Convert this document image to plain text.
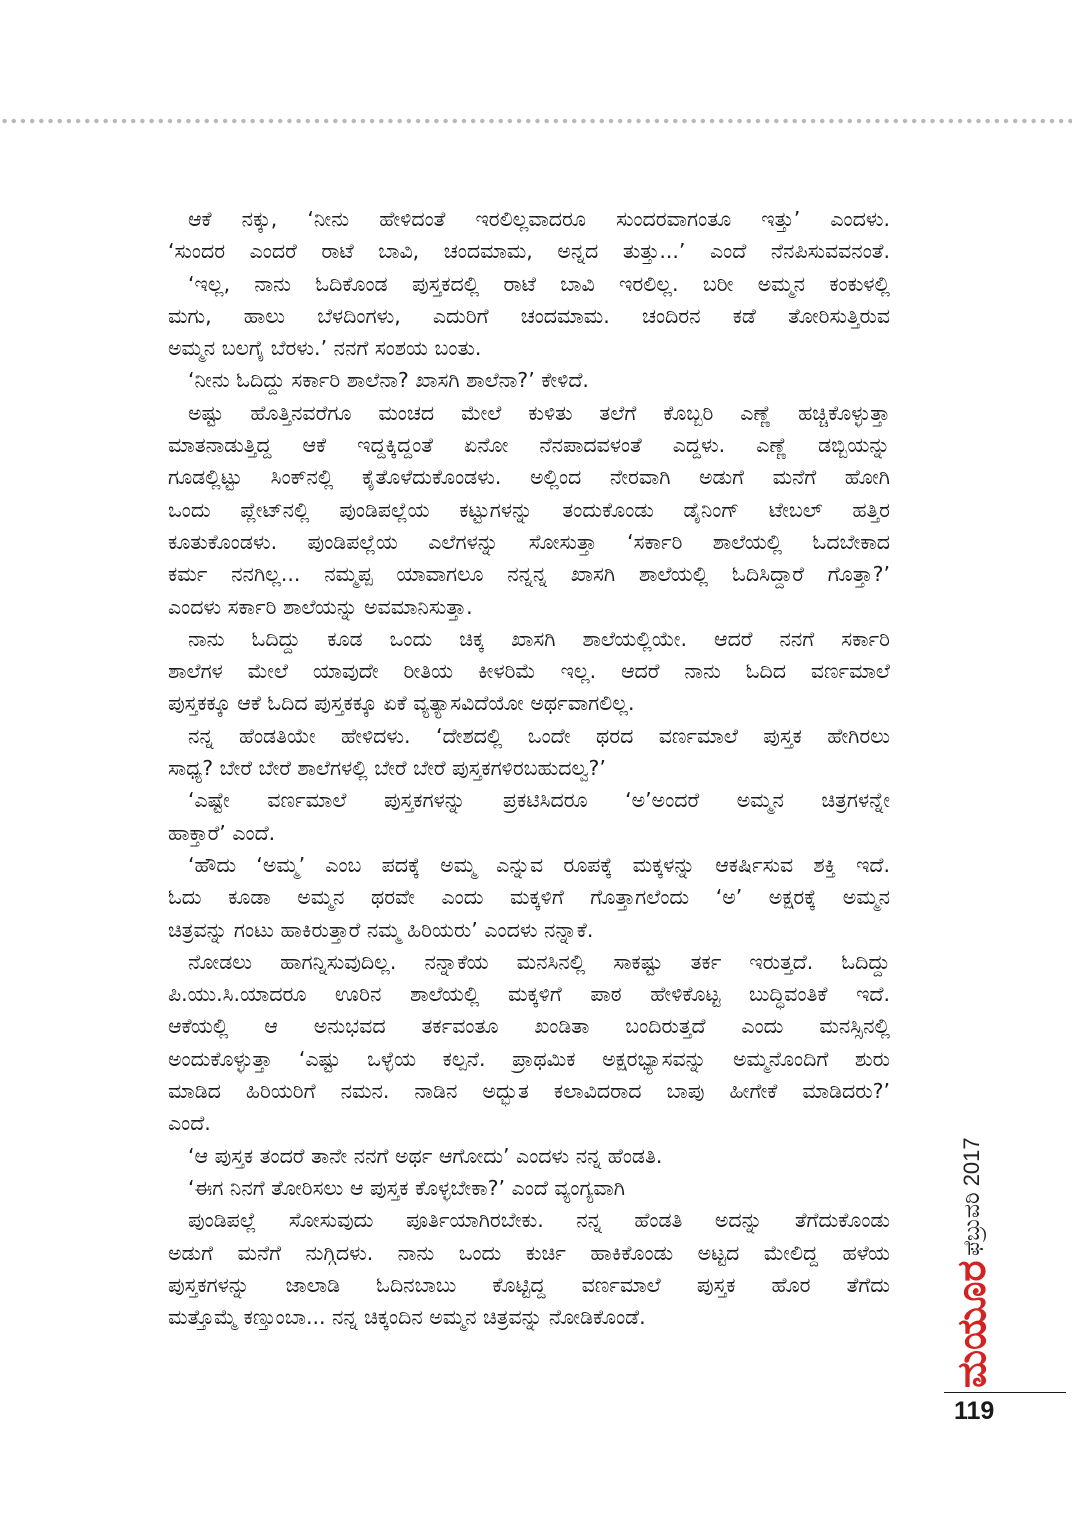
ಆಕೆ ನಕ್ಕು, ‘ನೀನು ಹೇಳಿದಂತೆ ಇರಲಿಲ್ಲವಾದರೂ ಸುಂದರವಾಗಂತೂ ಇತ್ತು’ ಎಂದಳು.
‘ಸುಂದರ ಎಂದರೆ ರಾಟೆ ಬಾವಿ, ಚಂದಮಾಮ, ಅನ್ನದ ತುತ್ತು...’ ಎಂದೆ ನೆನಪಿಸುವವನಂತೆ.
‘ಇಲ್ಲ, ನಾನು ಓದಿಕೊಂಡ ಪುಸ್ತಕದಲ್ಲಿ ರಾಟೆ ಬಾವಿ ಇರಲಿಲ್ಲ. ಬರೀ ಅಮ್ಮನ ಕಂಕುಳಲ್ಲಿ
ಮಗು, ಹಾಲು ಬೆಳದಿಂಗಳು, ಎದುರಿಗೆ ಚಂದಮಾಮ. ಚಂದಿರನ ಕಡೆ ತೋರಿಸುತ್ತಿರುವ
ಅಮ್ಮನ ಬಲಗೈ ಬೆರಳು.’ ನನಗೆ ಸಂಶಯ ಬಂತು.
‘ನೀನು ಓದಿದ್ದು ಸರ್ಕಾರಿ ಶಾಲೆನಾ? ಖಾಸಗಿ ಶಾಲೆನಾ?’ ಕೇಳಿದೆ.
ಅಷ್ಟು ಹೊತ್ತಿನವರೆಗೂ ಮಂಚದ ಮೇಲೆ ಕುಳಿತು ತಲೆಗೆ ಕೊಬ್ಬರಿ ಎಣ್ಣೆ ಹಚ್ಚಿಕೊಳ್ಳುತ್ತಾ
ಮಾತನಾಡುತ್ತಿದ್ದ ಆಕೆ ಇದ್ದಕ್ಕಿದ್ದಂತೆ ಏನೋ ನೆನಪಾದವಳಂತೆ ಎದ್ದಳು. ಎಣ್ಣೆ ಡಬ್ಬಿಯನ್ನು
ಗೂಡಲ್ಲಿಟ್ಟು ಸಿಂಕ್‌ನಲ್ಲಿ ಕೈತೊಳೆದುಕೊಂಡಳು. ಅಲ್ಲಿಂದ ನೇರವಾಗಿ ಅಡುಗೆ ಮನೆಗೆ ಹೋಗಿ
ಒಂದು ಪ್ಲೇಟ್‌ನಲ್ಲಿ ಪುಂಡಿಪಲ್ಲೆಯ ಕಟ್ಟುಗಳನ್ನು ತಂದುಕೊಂಡು ಡೈನಿಂಗ್ ಟೇಬಲ್ ಹತ್ತಿರ
ಕೂತುಕೊಂಡಳು. ಪುಂಡಿಪಲ್ಲೆಯ ಎಲೆಗಳನ್ನು ಸೋಸುತ್ತಾ ‘ಸರ್ಕಾರಿ ಶಾಲೆಯಲ್ಲಿ ಓದಬೇಕಾದ
ಕರ್ಮ ನನಗಿಲ್ಲ... ನಮ್ಮಪ್ಪ ಯಾವಾಗಲೂ ನನ್ನನ್ನ ಖಾಸಗಿ ಶಾಲೆಯಲ್ಲಿ ಓದಿಸಿದ್ದಾರೆ ಗೊತ್ತಾ?’
ಎಂದಳು ಸರ್ಕಾರಿ ಶಾಲೆಯನ್ನು ಅವಮಾನಿಸುತ್ತಾ.
ನಾನು ಓದಿದ್ದು ಕೂಡ ಒಂದು ಚಿಕ್ಕ ಖಾಸಗಿ ಶಾಲೆಯಲ್ಲಿಯೇ. ಆದರೆ ನನಗೆ ಸರ್ಕಾರಿ
ಶಾಲೆಗಳ ಮೇಲೆ ಯಾವುದೇ ರೀತಿಯ ಕೀಳರಿಮೆ ಇಲ್ಲ. ಆದರೆ ನಾನು ಓದಿದ ವರ್ಣಮಾಲೆ
ಪುಸ್ತಕಕ್ಕೂ ಆಕೆ ಓದಿದ ಪುಸ್ತಕಕ್ಕೂ ಏಕೆ ವ್ಯತ್ಯಾಸವಿದೆಯೋ ಅರ್ಥವಾಗಲಿಲ್ಲ.
ನನ್ನ ಹೆಂಡತಿಯೇ ಹೇಳಿದಳು. ‘ದೇಶದಲ್ಲಿ ಒಂದೇ ಥರದ ವರ್ಣಮಾಲೆ ಪುಸ್ತಕ ಹೇಗಿರಲು
ಸಾಧ್ಯ? ಬೇರೆ ಬೇರೆ ಶಾಲೆಗಳಲ್ಲಿ ಬೇರೆ ಬೇರೆ ಪುಸ್ತಕಗಳಿರಬಹುದಲ್ವ?’
‘ಎಷ್ಟೇ ವರ್ಣಮಾಲೆ ಪುಸ್ತಕಗಳನ್ನು ಪ್ರಕಟಿಸಿದರೂ ‘ಅ’ಅಂದರೆ ಅಮ್ಮನ ಚಿತ್ರಗಳನ್ನೇ
ಹಾಕ್ತಾರೆ’ ಎಂದೆ.
‘ಹೌದು ‘ಅಮ್ಮ’ ಎಂಬ ಪದಕ್ಕೆ ಅಮ್ಮ ಎನ್ನುವ ರೂಪಕ್ಕೆ ಮಕ್ಕಳನ್ನು ಆಕರ್ಷಿಸುವ ಶಕ್ತಿ ಇದೆ.
ಓದು ಕೂಡಾ ಅಮ್ಮನ ಥರವೇ ಎಂದು ಮಕ್ಕಳಿಗೆ ಗೊತ್ತಾಗಲೆಂದು ‘ಅ’ ಅಕ್ಷರಕ್ಕೆ ಅಮ್ಮನ
ಚಿತ್ರವನ್ನು ಗಂಟು ಹಾಕಿರುತ್ತಾರೆ ನಮ್ಮ ಹಿರಿಯರು’ ಎಂದಳು ನನ್ನಾಕೆ.
ನೋಡಲು ಹಾಗನ್ನಿಸುವುದಿಲ್ಲ. ನನ್ನಾಕೆಯ ಮನಸಿನಲ್ಲಿ ಸಾಕಷ್ಟು ತರ್ಕ ಇರುತ್ತದೆ. ಓದಿದ್ದು
ಪಿ.ಯು.ಸಿ.ಯಾದರೂ ಊರಿನ ಶಾಲೆಯಲ್ಲಿ ಮಕ್ಕಳಿಗೆ ಪಾಠ ಹೇಳಿಕೊಟ್ಟ ಬುದ್ಧಿವಂತಿಕೆ ಇದೆ.
ಆಕೆಯಲ್ಲಿ ಆ ಅನುಭವದ ತರ್ಕವಂತೂ ಖಂಡಿತಾ ಬಂದಿರುತ್ತದೆ ಎಂದು ಮನಸ್ಸಿನಲ್ಲಿ
ಅಂದುಕೊಳ್ಳುತ್ತಾ ‘ಎಷ್ಟು ಒಳ್ಳೆಯ ಕಲ್ಪನೆ. ಪ್ರಾಥಮಿಕ ಅಕ್ಷರಭ್ಯಾಸವನ್ನು ಅಮ್ಮನೊಂದಿಗೆ ಶುರು
ಮಾಡಿದ ಹಿರಿಯರಿಗೆ ನಮನ. ನಾಡಿನ ಅದ್ಭುತ ಕಲಾವಿದರಾದ ಬಾಪು ಹೀಗೇಕೆ ಮಾಡಿದರು?’
ಎಂದೆ.
‘ಆ ಪುಸ್ತಕ ತಂದರೆ ತಾನೇ ನನಗೆ ಅರ್ಥ ಆಗೋದು’ ಎಂದಳು ನನ್ನ ಹೆಂಡತಿ.
‘ಈಗ ನಿನಗೆ ತೋರಿಸಲು ಆ ಪುಸ್ತಕ ಕೊಳ್ಳಬೇಕಾ?’ ಎಂದೆ ವ್ಯಂಗ್ಯವಾಗಿ
ಪುಂಡಿಪಲ್ಲೆ ಸೋಸುವುದು ಪೂರ್ತಿಯಾಗಿರಬೇಕು. ನನ್ನ ಹೆಂಡತಿ ಅದನ್ನು ತೆಗೆದುಕೊಂಡು
ಅಡುಗೆ ಮನೆಗೆ ನುಗ್ಗಿದಳು. ನಾನು ಒಂದು ಕುರ್ಚಿ ಹಾಕಿಕೊಂಡು ಅಟ್ಟದ ಮೇಲಿದ್ದ ಹಳೆಯ
ಪುಸ್ತಕಗಳನ್ನು ಜಾಲಾಡಿ ಓದಿನಬಾಬು ಕೊಟ್ಟಿದ್ದ ವರ್ಣಮಾಲೆ ಪುಸ್ತಕ ಹೊರ ತೆಗೆದು
ಮತ್ತೊಮ್ಮೆ ಕಣ್ತುಂಬಾ... ನನ್ನ ಚಿಕ್ಕಂದಿನ ಅಮ್ಮನ ಚಿತ್ರವನ್ನು ನೋಡಿಕೊಂಡೆ.
ಫೆಬ್ರುವರಿ 2017
ಮಯೂರ
119
